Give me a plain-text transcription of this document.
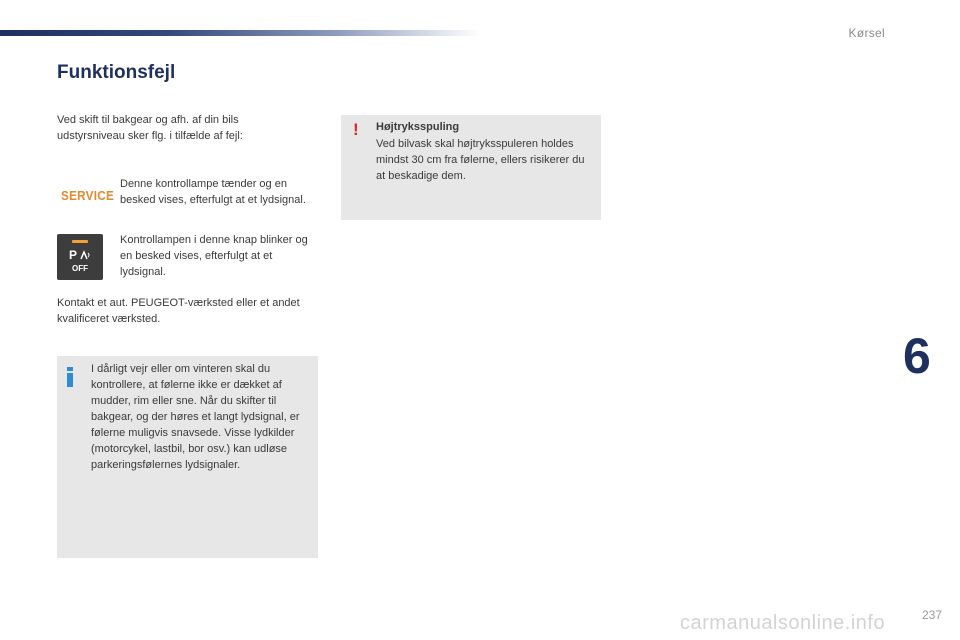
Kørsel
Funktionsfejl
Ved skift til bakgear og afh. af din bils udstyrsniveau sker flg. i tilfælde af fejl:
SERVICE
Denne kontrollampe tænder og en besked vises, efterfulgt at et lydsignal.
P
OFF
Kontrollampen i denne knap blinker og en besked vises, efterfulgt at et lydsignal.
Kontakt et aut. PEUGEOT-værksted eller et andet kvalificeret værksted.
I dårligt vejr eller om vinteren skal du kontrollere, at følerne ikke er dækket af mudder, rim eller sne. Når du skifter til bakgear, og der høres et langt lydsignal, er følerne muligvis snavsede. Visse lydkilder (motorcykel, lastbil, bor osv.) kan udløse parkeringsfølernes lydsignaler.
! Højtryksspuling
Ved bilvask skal højtryksspuleren holdes mindst 30 cm fra følerne, ellers risikerer du at beskadige dem.
6
237
carmanualsonline.info
